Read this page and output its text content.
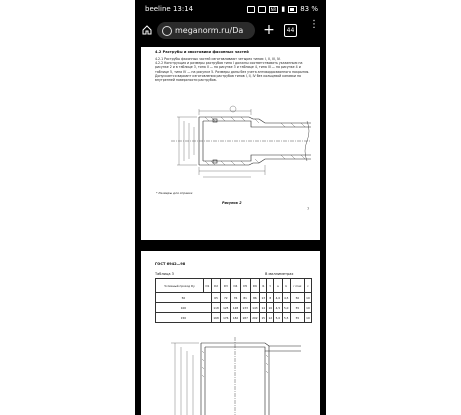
beeline 13:14	NR ▮ 83 %
meganorm.ru/Da +	44
⋮
4.2 Раструбы и хвостовики фасонных частей

4.2.1 Раструбы фасонных частей изготавливают четырех типов: I, II, III, IV.

4.2.2 Конструкция и размеры раструбов типа I должны соответствовать указанным на рисунке 2 и в таблице 3, типа II — на рисунке 3 и таблице 4, типа III — на рисунке 4 и таблице 5, типа IV — на рисунке 5. Размеры даны без учета антикоррозионного покрытия. Допускается вариант изготовления раструбов типов I, II, IV без кольцевой канавки на внутренней поверхности раструбов.

* Размеры для справок
Рисунок 2
7
ГОСТ 6942—98
Таблица 3	В миллиметрах
Условный проход Dу	D1	D2	D3	D4	D5	D6	l1	t	a	b	r max	c
50		65	72	76	81	86	13	8	4,0	4,5	50	10
100		118	125	128	133	143	14	10	4,5	5,0	55	10
150		168	176	182	187	202	15	12	5,0	5,5	55	10
